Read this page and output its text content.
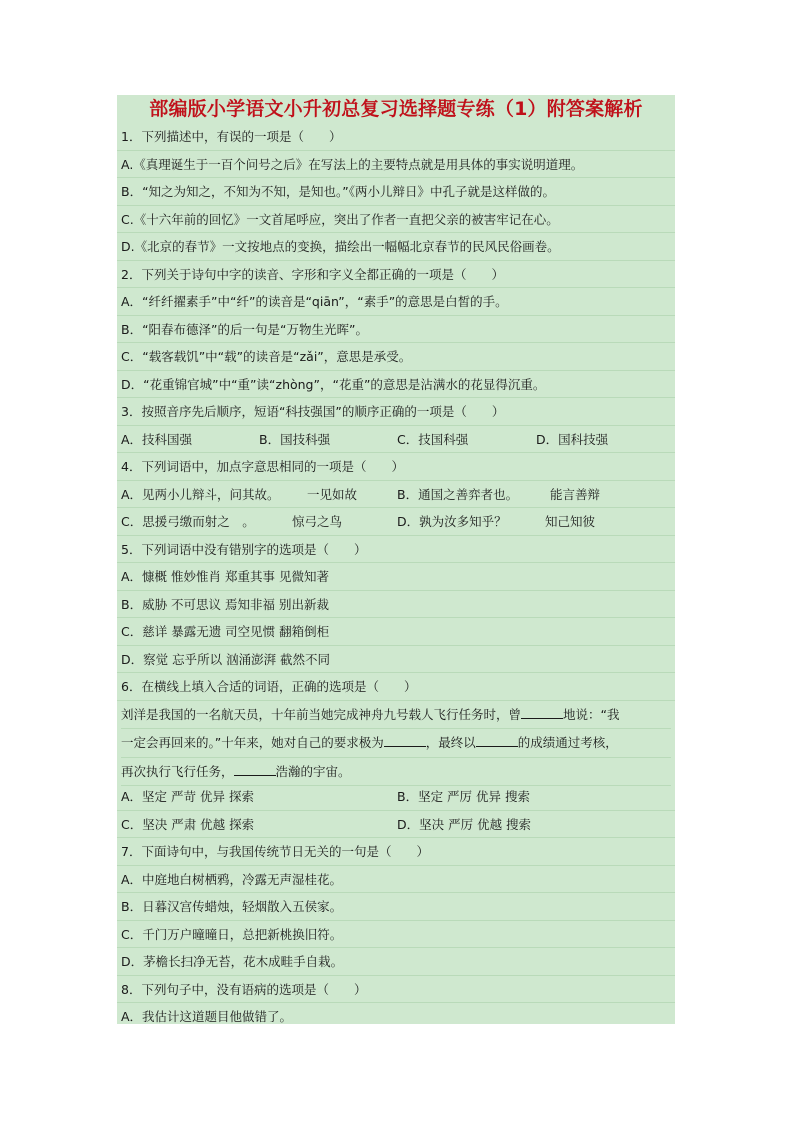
部编版小学语文小升初总复习选择题专练（1）附答案解析
1．下列描述中，有误的一项是（　　）
A.《真理诞生于一百个问号之后》在写法上的主要特点就是用具体的事实说明道理。
B．“知之为知之，不知为不知，是知也。”《两小儿辩日》中孔子就是这样做的。
C.《十六年前的回忆》一文首尾呼应，突出了作者一直把父亲的被害牢记在心。
D.《北京的春节》一文按地点的变换，描绘出一幅幅北京春节的民风民俗画卷。
2．下列关于诗句中字的读音、字形和字义全都正确的一项是（　　）
A．“纤纤擢素手”中“纤”的读音是“qiān”，“素手”的意思是白皙的手。
B．“阳春布德泽”的后一句是“万物生光晖”。
C．“载客载饥”中“载”的读音是“zǎi”，意思是承受。
D．“花重锦官城”中“重”读“zhòng”，“花重”的意思是沾满水的花显得沉重。
3．按照音序先后顺序，短语“科技强国”的顺序正确的一项是（　　）
A．技科国强	B．国技科强	C．技国科强	D．国科技强
4．下列词语中，加点字意思相同的一项是（　　）
A．见两小儿辩斗，问其故。 一见如故	B．通国之善弈者也。	能言善辩
C．思援弓缴而射之　。	惊弓之鸟	D．孰为汝多知乎？	知己知彼
5．下列词语中没有错别字的选项是（　　）
A．慷概 惟妙惟肖 郑重其事 见微知著
B．威胁 不可思议 焉知非福 别出新裁
C．慈详 暴露无遗 司空见惯 翻箱倒柜
D．察觉 忘乎所以 汹涌澎湃 截然不同
6．在横线上填入合适的词语，正确的选项是（　　）
刘洋是我国的一名航天员，十年前当她完成神舟九号载人飞行任务时，曾	地说：“我
一定会再回来的。”十年来，她对自己的要求极为	，最终以	的成绩通过考核，
再次执行飞行任务，	浩瀚的宇宙。
A．坚定 严苛 优异 探索	B．坚定 严厉 优异 搜索
C．坚决 严肃 优越 探索	D．坚决 严厉 优越 搜索
7．下面诗句中，与我国传统节日无关的一句是（　　）
A．中庭地白树栖鸦，冷露无声湿桂花。
B．日暮汉宫传蜡烛，轻烟散入五侯家。
C．千门万户曈曈日，总把新桃换旧符。
D．茅檐长扫净无苔，花木成畦手自栽。
8．下列句子中，没有语病的选项是（　　）
A．我估计这道题目他做错了。
